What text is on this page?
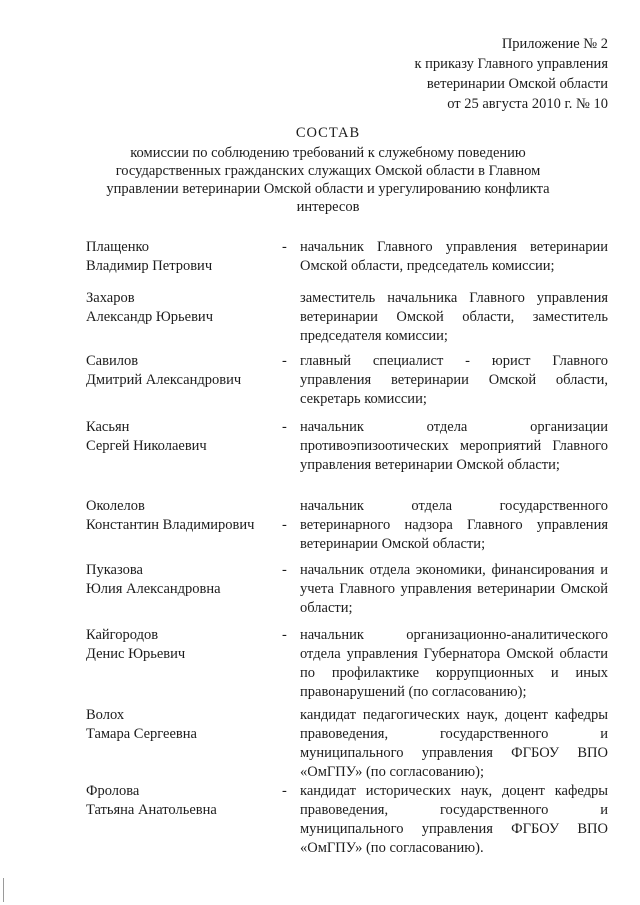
Приложение № 2
к приказу Главного управления
ветеринарии Омской области
от 25 августа 2010 г. № 10
СОСТАВ
комиссии по соблюдению требований к служебному поведению
государственных гражданских служащих Омской области в Главном
управлении ветеринарии Омской области и урегулированию конфликта
интересов
Плащенко
Владимир Петрович
- начальник Главного управления ветеринарии Омской области, председатель комиссии;
Захаров
Александр Юрьевич
заместитель начальника Главного управления ветеринарии Омской области, заместитель председателя комиссии;
Савилов
Дмитрий Александрович
- главный специалист - юрист Главного управления ветеринарии Омской области, секретарь комиссии;
Касьян
Сергей Николаевич
- начальник отдела организации противоэпизоотических мероприятий Главного управления ветеринарии Омской области;
Околелов
Константин Владимирович -
начальник отдела государственного ветеринарного надзора Главного управления ветеринарии Омской области;
Пуказова
Юлия Александровна
- начальник отдела экономики, финансирования и учета Главного управления ветеринарии Омской области;
Кайгородов
Денис Юрьевич
- начальник организационно-аналитического отдела управления Губернатора Омской области по профилактике коррупционных и иных правонарушений (по согласованию);
Волох
Тамара Сергеевна
кандидат педагогических наук, доцент кафедры правоведения, государственного и муниципального управления ФГБОУ ВПО «ОмГПУ» (по согласованию);
Фролова
Татьяна Анатольевна
- кандидат исторических наук, доцент кафедры правоведения, государственного и муниципального управления ФГБОУ ВПО «ОмГПУ» (по согласованию).
